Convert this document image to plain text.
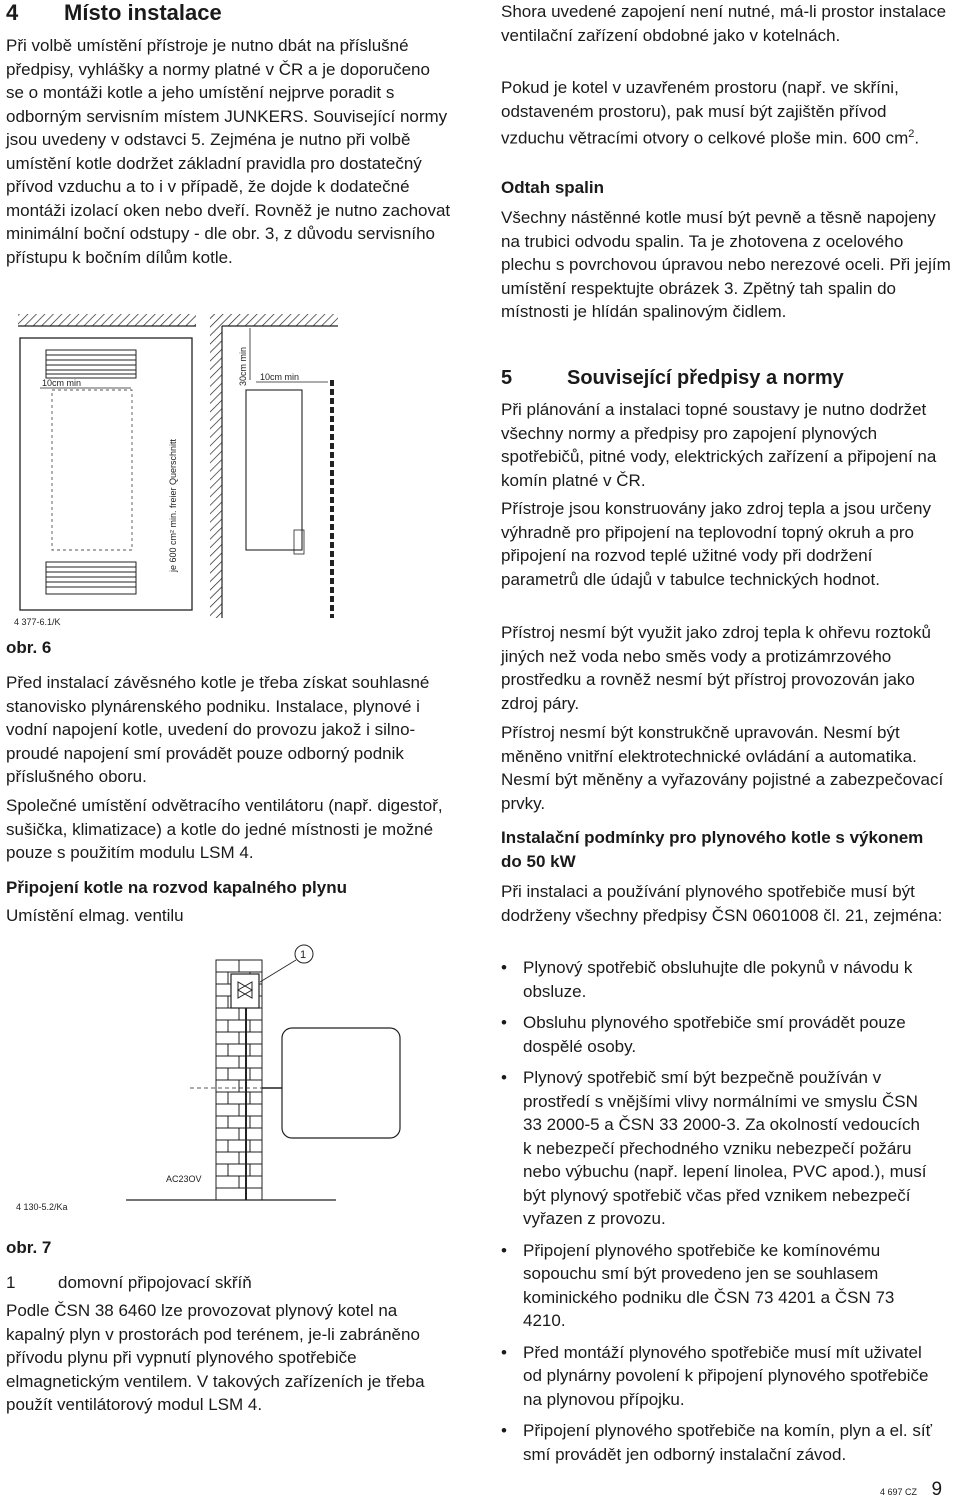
4 Místo instalace

Při volbě umístění přístroje je nutno dbát na příslušné předpisy, vyhlášky a normy platné v ČR a je doporučeno se o montáži kotle a jeho umístění nejprve poradit s odborným servisním místem JUNKERS. Související normy jsou uvedeny v odstavci 5. Zejména je nutno při volbě umístění kotle dodržet základní pravidla pro dostatečný přívod vzduchu a to i v případě, že dojde k dodatečné montáži izolací oken nebo dveří. Rovněž je nutno zachovat minimální boční odstupy - dle obr. 3, z důvodu servisního přístupu k bočním dílům kotle.

10cm min
je 600 cm² min. freier Querschnitt
30cm min 10cm min
4 377-6.1/K

obr. 6

Před instalací závěsného kotle je třeba získat souhlasné stanovisko plynárenského podniku. Instalace, plynové i vodní napojení kotle, uvedení do provozu jakož i silno-proudé napojení smí provádět pouze odborný podnik příslušného oboru.

Společné umístění odvětracího ventilátoru (např. digestoř, sušička, klimatizace) a kotle do jedné místnosti je možné pouze s použitím modulu LSM 4.

Připojení kotle na rozvod kapalného plynu

Umístění elmag. ventilu

1
AC23OV
4 130-5.2/Ka

obr. 7

1	domovní připojovací skříň

Podle ČSN 38 6460 lze provozovat plynový kotel na kapalný plyn v prostorách pod terénem, je-li zabráněno přívodu plynu při vypnutí plynového spotřebiče elmagnetickým ventilem. V takových zařízeních je třeba použít ventilátorový modul LSM 4.

Shora uvedené zapojení není nutné, má-li prostor instalace ventilační zařízení obdobné jako v kotelnách.

Pokud je kotel v uzavřeném prostoru (např. ve skříni, odstaveném prostoru), pak musí být zajištěn přívod vzduchu větracími otvory o celkové ploše min. 600 $cm^2$.

Odtah spalin

Všechny nástěnné kotle musí být pevně a těsně napojeny na trubici odvodu spalin. Ta je zhotovena z ocelového plechu s povrchovou úpravou nebo nerezové oceli. Při jejím umístění respektujte obrázek 3. Zpětný tah spalin do místnosti je hlídán spalinovým čidlem.

5	Související předpisy a normy

Při plánování a instalaci topné soustavy je nutno dodržet všechny normy a předpisy pro zapojení plynových spotřebičů, pitné vody, elektrických zařízení a připojení na komín platné v ČR.

Přístroje jsou konstruovány jako zdroj tepla a jsou určeny výhradně pro připojení na teplovodní topný okruh a pro připojení na rozvod teplé užitné vody při dodržení parametrů dle údajů v tabulce technických hodnot.

Přístroj nesmí být využit jako zdroj tepla k ohřevu roztoků jiných než voda nebo směs vody a protizámrzového prostředku a rovněž nesmí být přístroj provozován jako zdroj páry.

Přístroj nesmí být konstrukčně upravován. Nesmí být měněno vnitřní elektrotechnické ovládání a automatika. Nesmí být měněny a vyřazovány pojistné a zabezpečovací prvky.

Instalační podmínky pro plynového kotle s výkonem do 50 kW

Při instalaci a používání plynového spotřebiče musí být dodrženy všechny předpisy ČSN 0601008 čl. 21, zejména:

• Plynový spotřebič obsluhujte dle pokynů v návodu k obsluze.
• Obsluhu plynového spotřebiče smí provádět pouze dospělé osoby.
• Plynový spotřebič smí být bezpečně používán v prostředí s vnějšími vlivy normálními ve smyslu ČSN 33 2000-5 a ČSN 33 2000-3. Za okolností vedoucích k nebezpečí přechodného vzniku nebezpečí požáru nebo výbuchu (např. lepení linolea, PVC apod.), musí být plynový spotřebič včas před vznikem nebezpečí vyřazen z provozu.
• Připojení plynového spotřebiče ke komínovému sopouchu smí být provedeno jen se souhlasem kominického podniku dle ČSN 73 4201 a ČSN 73 4210.
• Před montáží plynového spotřebiče musí mít uživatel od plynárny povolení k připojení plynového spotřebiče na plynovou přípojku.
• Připojení plynového spotřebiče na komín, plyn a el. síť smí provádět jen odborný instalační závod.
4 697 CZ 9
